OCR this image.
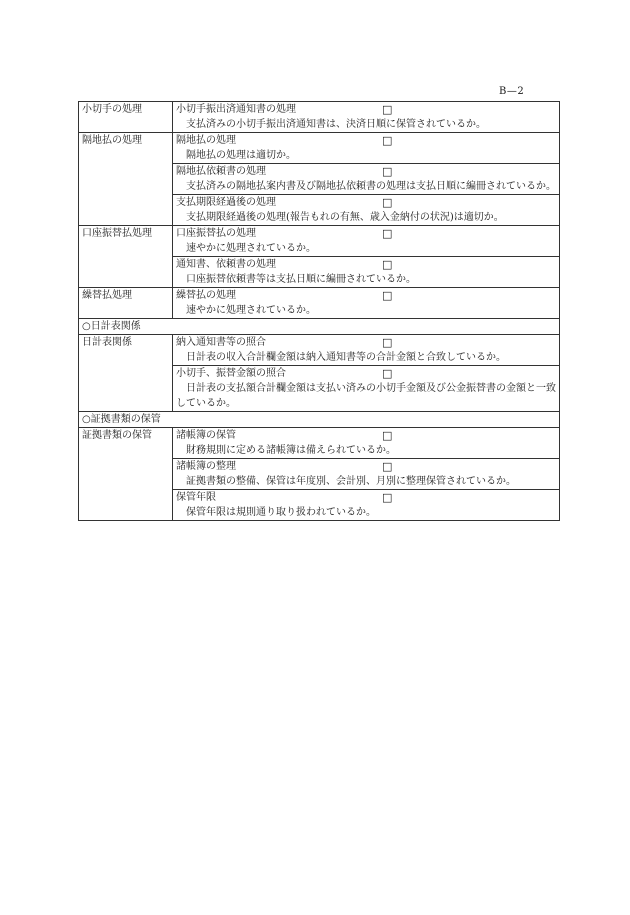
B—2
小切手の処理	小切手振出済通知書の処理 □
支払済みの小切手振出済通知書は、決済日順に保管されているか。

隔地払の処理	隔地払の処理 □
隔地払の処理は適切か。

	隔地払依頼書の処理 □
支払済みの隔地払案内書及び隔地払依頼書の処理は支払日順に編冊されているか。

	支払期限経過後の処理 □
支払期限経過後の処理(報告もれの有無、歳入金納付の状況)は適切か。

口座振替払処理	口座振替払の処理 □
速やかに処理されているか。

	通知書、依頼書の処理 □
口座振替依頼書等は支払日順に編冊されているか。

繰替払処理	繰替払の処理 □
速やかに処理されているか。

○日計表関係	
日計表関係	納入通知書等の照合 □
日計表の収入合計欄金額は納入通知書等の合計金額と合致しているか。

	小切手、振替金額の照合 □
日計表の支払額合計欄金額は支払い済みの小切手金額及び公金振替書の金額と一致しているか。

○証拠書類の保管	
証拠書類の保管	諸帳簿の保管 □
財務規則に定める諸帳簿は備えられているか。

	諸帳簿の整理 □
証拠書類の整備、保管は年度別、会計別、月別に整理保管されているか。

	保管年限 □
保管年限は規則通り取り扱われているか。
